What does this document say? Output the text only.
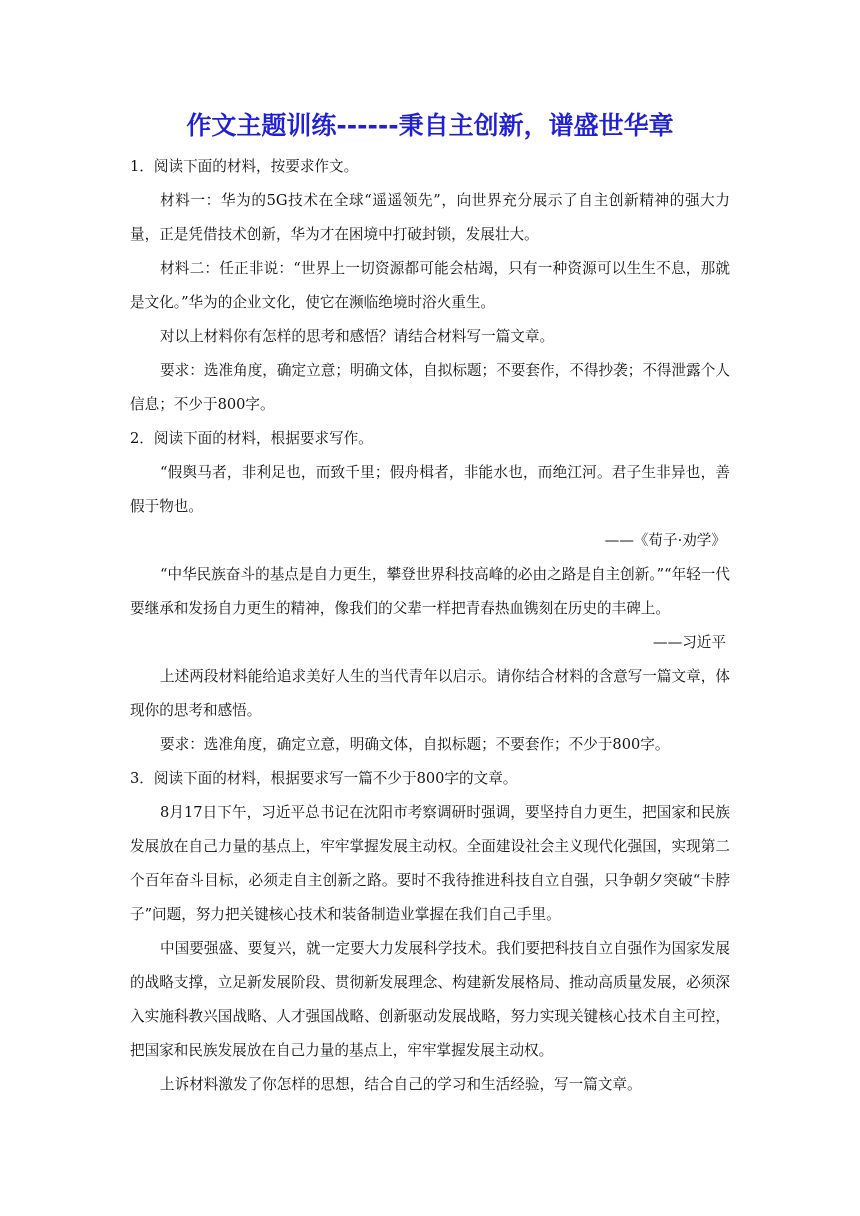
作文主题训练------秉自主创新，谱盛世华章

1．阅读下面的材料，按要求作文。

材料一：华为的5G技术在全球“遥遥领先”，向世界充分展示了自主创新精神的强大力量，正是凭借技术创新，华为才在困境中打破封锁，发展壮大。

材料二：任正非说：“世界上一切资源都可能会枯竭，只有一种资源可以生生不息，那就是文化。”华为的企业文化，使它在濒临绝境时浴火重生。

对以上材料你有怎样的思考和感悟？请结合材料写一篇文章。

要求：选准角度，确定立意；明确文体，自拟标题；不要套作，不得抄袭；不得泄露个人信息；不少于800字。

2．阅读下面的材料，根据要求写作。

“假舆马者，非利足也，而致千里；假舟楫者，非能水也，而绝江河。君子生非异也，善假于物也。

——《荀子·劝学》

“中华民族奋斗的基点是自力更生，攀登世界科技高峰的必由之路是自主创新。”“年轻一代要继承和发扬自力更生的精神，像我们的父辈一样把青春热血镌刻在历史的丰碑上。

——习近平

上述两段材料能给追求美好人生的当代青年以启示。请你结合材料的含意写一篇文章，体现你的思考和感悟。

要求：选准角度，确定立意，明确文体，自拟标题；不要套作；不少于800字。

3．阅读下面的材料，根据要求写一篇不少于800字的文章。

8月17日下午，习近平总书记在沈阳市考察调研时强调，要坚持自力更生，把国家和民族发展放在自己力量的基点上，牢牢掌握发展主动权。全面建设社会主义现代化强国，实现第二个百年奋斗目标，必须走自主创新之路。要时不我待推进科技自立自强，只争朝夕突破“卡脖子”问题，努力把关键核心技术和装备制造业掌握在我们自己手里。

中国要强盛、要复兴，就一定要大力发展科学技术。我们要把科技自立自强作为国家发展的战略支撑，立足新发展阶段、贯彻新发展理念、构建新发展格局、推动高质量发展，必须深入实施科教兴国战略、人才强国战略、创新驱动发展战略，努力实现关键核心技术自主可控，把国家和民族发展放在自己力量的基点上，牢牢掌握发展主动权。

上诉材料激发了你怎样的思想，结合自己的学习和生活经验，写一篇文章。
